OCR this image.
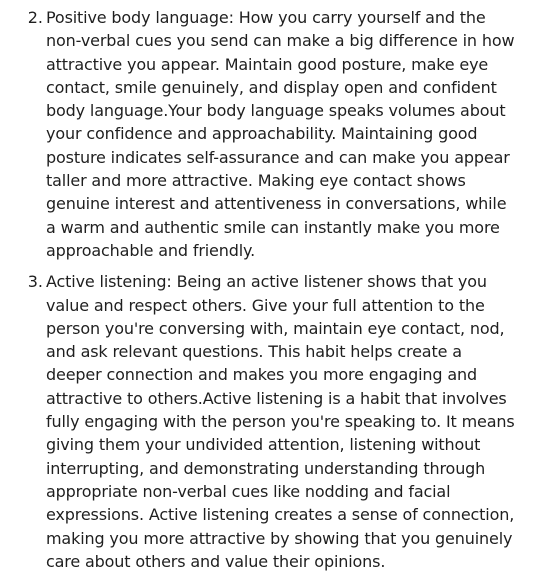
2. Positive body language: How you carry yourself and the non-verbal cues you send can make a big difference in how attractive you appear. Maintain good posture, make eye contact, smile genuinely, and display open and confident body language.Your body language speaks volumes about your confidence and approachability. Maintaining good posture indicates self-assurance and can make you appear taller and more attractive. Making eye contact shows genuine interest and attentiveness in conversations, while a warm and authentic smile can instantly make you more approachable and friendly.

3. Active listening: Being an active listener shows that you value and respect others. Give your full attention to the person you're conversing with, maintain eye contact, nod, and ask relevant questions. This habit helps create a deeper connection and makes you more engaging and attractive to others.Active listening is a habit that involves fully engaging with the person you're speaking to. It means giving them your undivided attention, listening without interrupting, and demonstrating understanding through appropriate non-verbal cues like nodding and facial expressions. Active listening creates a sense of connection, making you more attractive by showing that you genuinely care about others and value their opinions.
